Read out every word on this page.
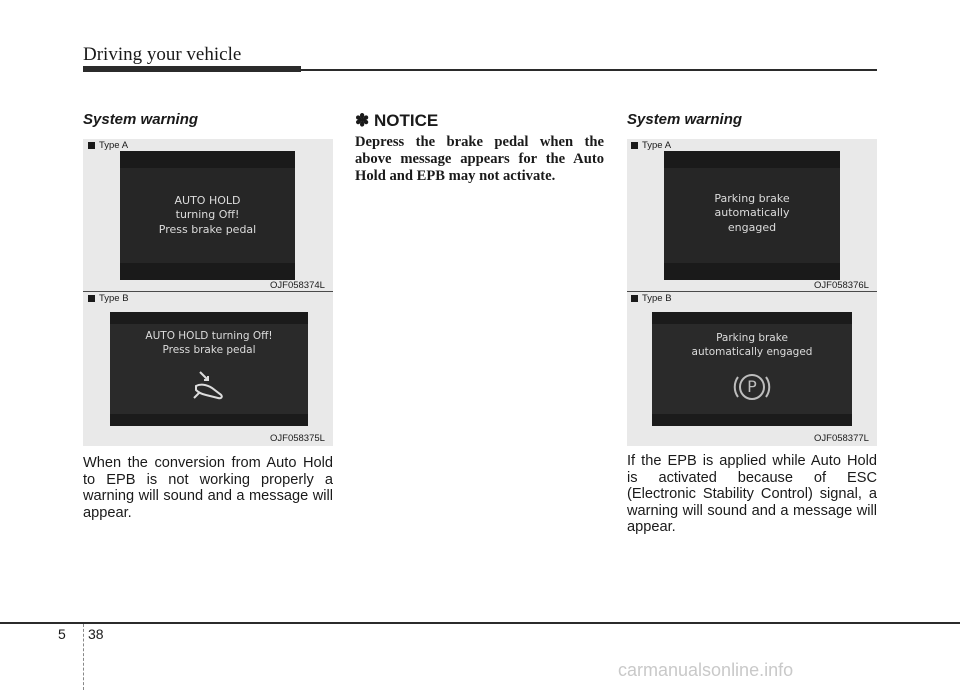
Driving your vehicle
System warning
Type A
AUTO HOLD
turning Off!
Press brake pedal
OJF058374L
Type B
AUTO HOLD turning Off!
Press brake pedal
OJF058375L
When the conversion from Auto Hold to EPB is not working properly a warning will sound and a message will appear.
✽ NOTICE
Depress the brake pedal when the above message appears for the Auto Hold and EPB may not activate.
System warning
Type A
Parking brake
automatically
engaged
OJF058376L
Type B
Parking brake
automatically engaged
P
OJF058377L
If the EPB is applied while Auto Hold is activated because of ESC (Electronic Stability Control) signal, a warning will sound and a message will appear.
5 38
carmanualsonline.info
